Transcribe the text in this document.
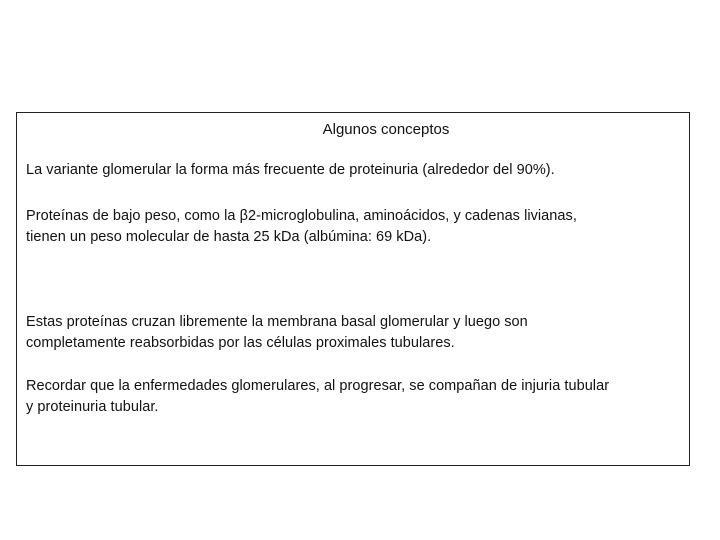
Algunos conceptos
La variante glomerular la forma más frecuente de proteinuria (alrededor del 90%).
Proteínas de bajo peso, como la β2-microglobulina, aminoácidos, y cadenas livianas,
tienen un peso molecular de hasta 25 kDa (albúmina: 69 kDa).
Estas proteínas cruzan libremente la membrana basal glomerular y luego son
completamente reabsorbidas por las células proximales tubulares.
Recordar que la enfermedades glomerulares, al progresar, se compañan de injuria tubular
y proteinuria tubular.
